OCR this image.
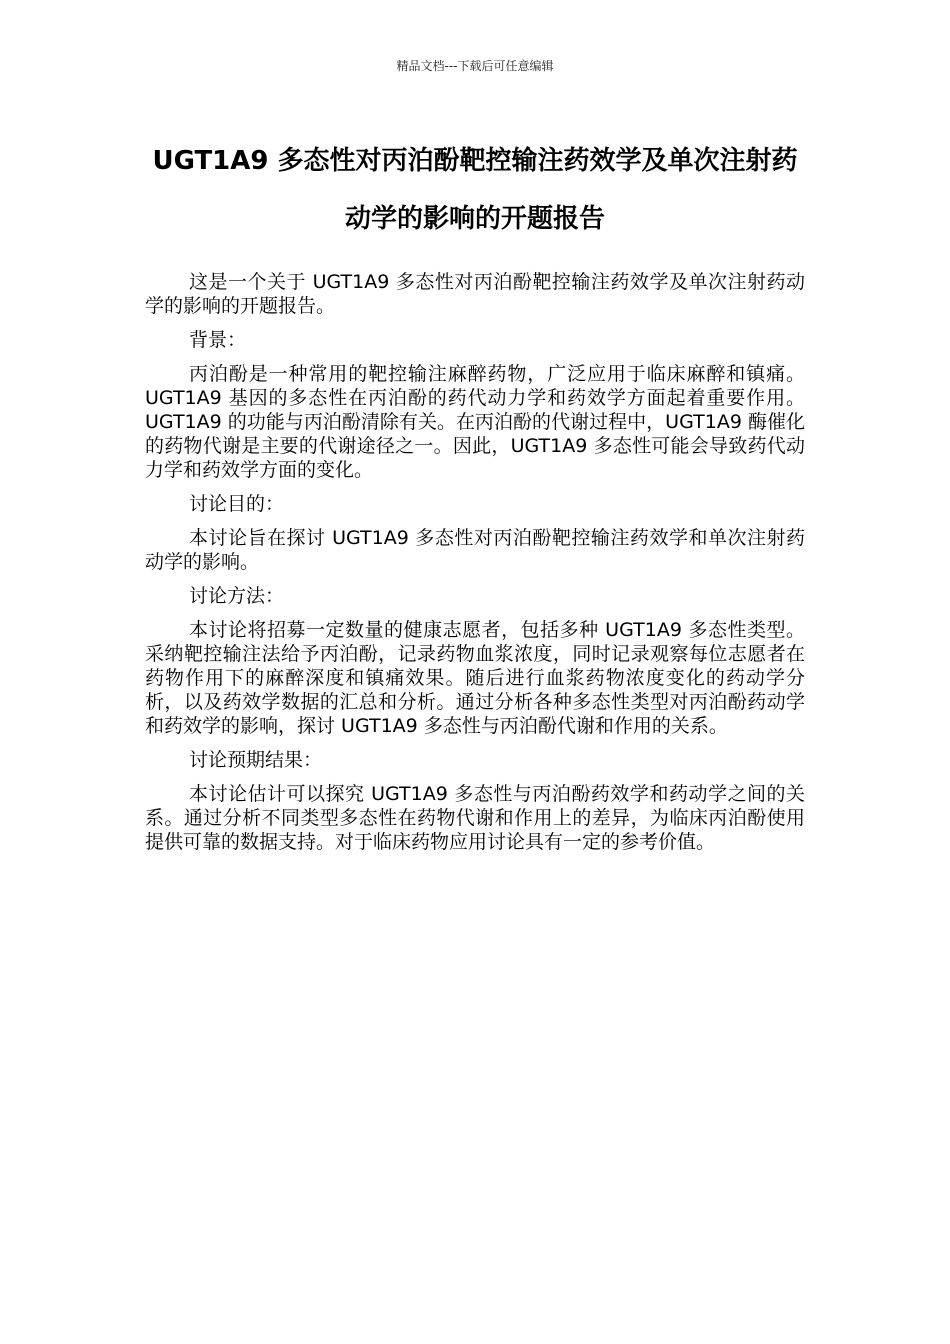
精品文档---下载后可任意编辑
UGT1A9 多态性对丙泊酚靶控输注药效学及单次注射药动学的影响的开题报告

这是一个关于 UGT1A9 多态性对丙泊酚靶控输注药效学及单次注射药动学的影响的开题报告。

背景：

丙泊酚是一种常用的靶控输注麻醉药物，广泛应用于临床麻醉和镇痛。UGT1A9 基因的多态性在丙泊酚的药代动力学和药效学方面起着重要作用。UGT1A9 的功能与丙泊酚清除有关。在丙泊酚的代谢过程中，UGT1A9 酶催化的药物代谢是主要的代谢途径之一。因此，UGT1A9 多态性可能会导致药代动力学和药效学方面的变化。

讨论目的：

本讨论旨在探讨 UGT1A9 多态性对丙泊酚靶控输注药效学和单次注射药动学的影响。

讨论方法：

本讨论将招募一定数量的健康志愿者，包括多种 UGT1A9 多态性类型。采纳靶控输注法给予丙泊酚，记录药物血浆浓度，同时记录观察每位志愿者在药物作用下的麻醉深度和镇痛效果。随后进行血浆药物浓度变化的药动学分析，以及药效学数据的汇总和分析。通过分析各种多态性类型对丙泊酚药动学和药效学的影响，探讨 UGT1A9 多态性与丙泊酚代谢和作用的关系。

讨论预期结果：

本讨论估计可以探究 UGT1A9 多态性与丙泊酚药效学和药动学之间的关系。通过分析不同类型多态性在药物代谢和作用上的差异，为临床丙泊酚使用提供可靠的数据支持。对于临床药物应用讨论具有一定的参考价值。
